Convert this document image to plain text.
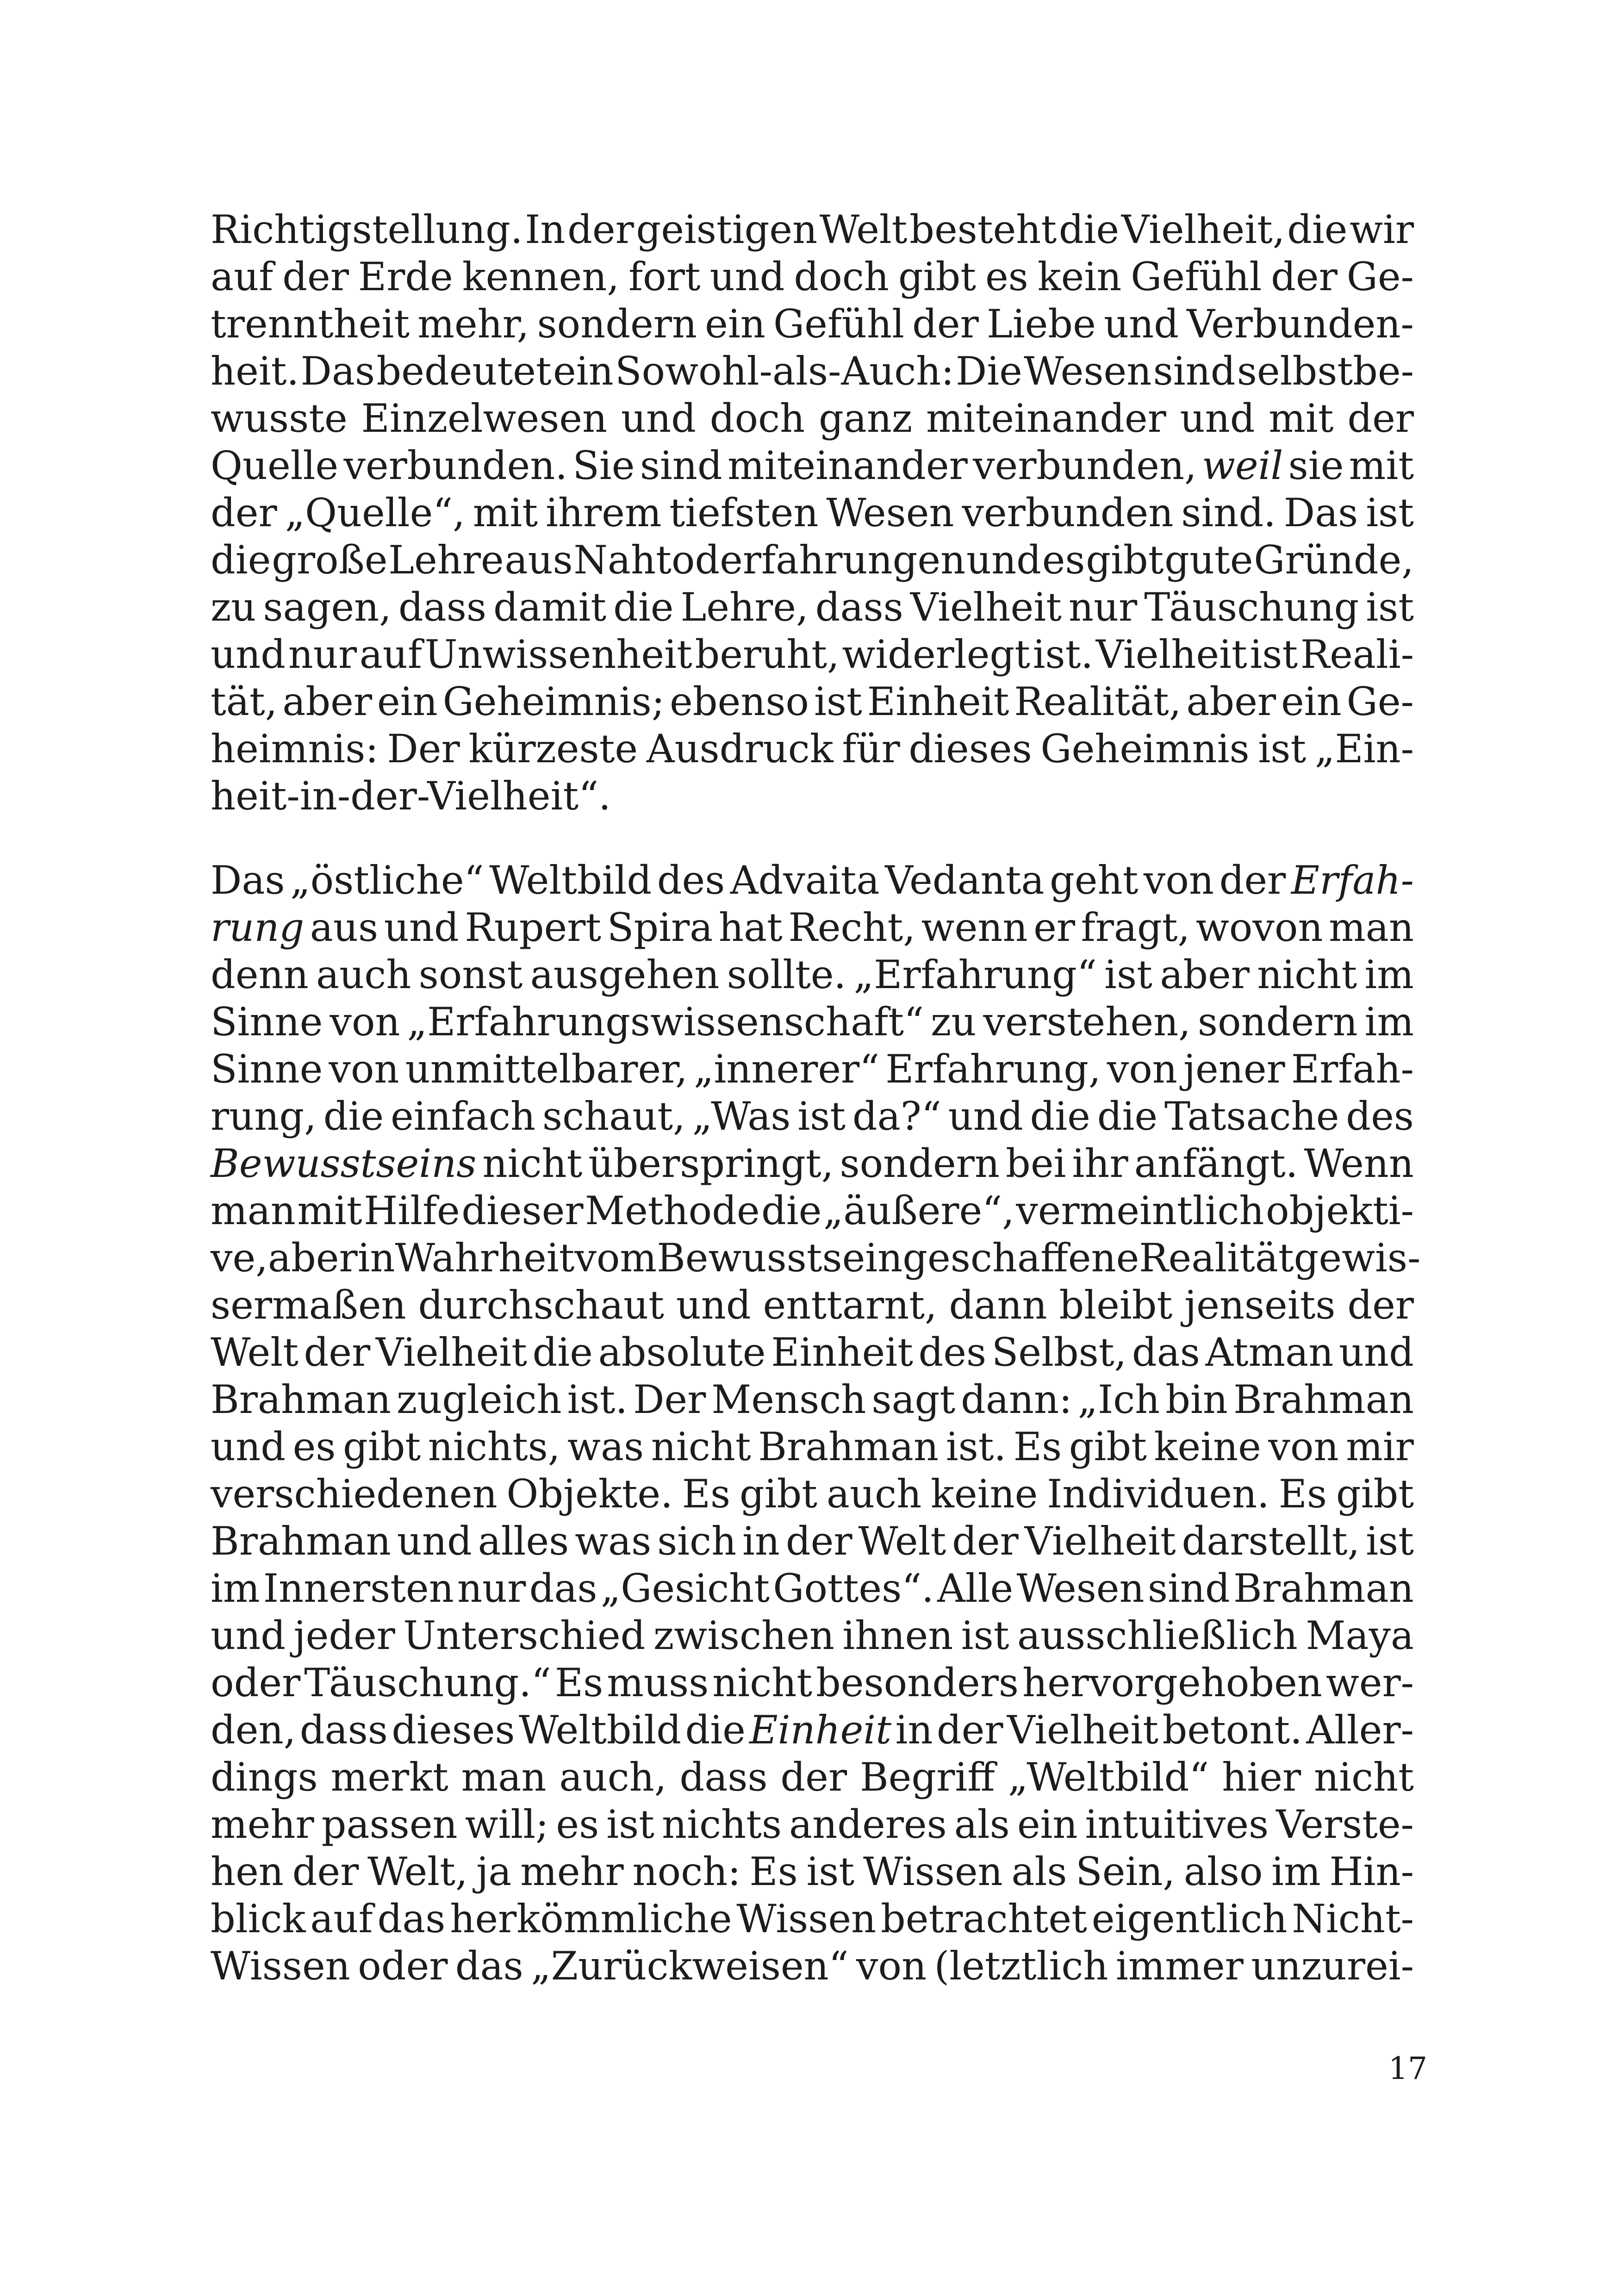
Richtigstellung. In der geistigen Welt besteht die Vielheit, die wir
auf der Erde kennen, fort und doch gibt es kein Gefühl der Ge-
trenntheit mehr, sondern ein Gefühl der Liebe und Verbunden-
heit. Das bedeutet ein Sowohl-als-Auch: Die Wesen sind selbstbe-
wusste Einzelwesen und doch ganz miteinander und mit der
Quelle verbunden. Sie sind miteinander verbunden, weil sie mit
der „Quelle“, mit ihrem tiefsten Wesen verbunden sind. Das ist
die große Lehre aus Nahtoderfahrungen und es gibt gute Gründe,
zu sagen, dass damit die Lehre, dass Vielheit nur Täuschung ist
und nur auf Unwissenheit beruht, widerlegt ist. Vielheit ist Reali-
tät, aber ein Geheimnis; ebenso ist Einheit Realität, aber ein Ge-
heimnis: Der kürzeste Ausdruck für dieses Geheimnis ist „Ein-
heit-in-der-Vielheit“.
Das „östliche“ Weltbild des Advaita Vedanta geht von der Erfah-
rung aus und Rupert Spira hat Recht, wenn er fragt, wovon man
denn auch sonst ausgehen sollte. „Erfahrung“ ist aber nicht im
Sinne von „Erfahrungswissenschaft“ zu verstehen, sondern im
Sinne von unmittelbarer, „innerer“ Erfahrung, von jener Erfah-
rung, die einfach schaut, „Was ist da?“ und die die Tatsache des
Bewusstseins nicht überspringt, sondern bei ihr anfängt. Wenn
man mit Hilfe dieser Methode die „äußere“, vermeintlich objekti-
ve, aber in Wahrheit vom Bewusstsein geschaffene Realität gewis-
sermaßen durchschaut und enttarnt, dann bleibt jenseits der
Welt der Vielheit die absolute Einheit des Selbst, das Atman und
Brahman zugleich ist. Der Mensch sagt dann: „Ich bin Brahman
und es gibt nichts, was nicht Brahman ist. Es gibt keine von mir
verschiedenen Objekte. Es gibt auch keine Individuen. Es gibt
Brahman und alles was sich in der Welt der Vielheit darstellt, ist
im Innersten nur das „Gesicht Gottes“. Alle Wesen sind Brahman
und jeder Unterschied zwischen ihnen ist ausschließlich Maya
oder Täuschung.“ Es muss nicht besonders hervorgehoben wer-
den, dass dieses Weltbild die Einheit in der Vielheit betont. Aller-
dings merkt man auch, dass der Begriff „Weltbild“ hier nicht
mehr passen will; es ist nichts anderes als ein intuitives Verste-
hen der Welt, ja mehr noch: Es ist Wissen als Sein, also im Hin-
blick auf das herkömmliche Wissen betrachtet eigentlich Nicht-
Wissen oder das „Zurückweisen“ von (letztlich immer unzurei-
17
